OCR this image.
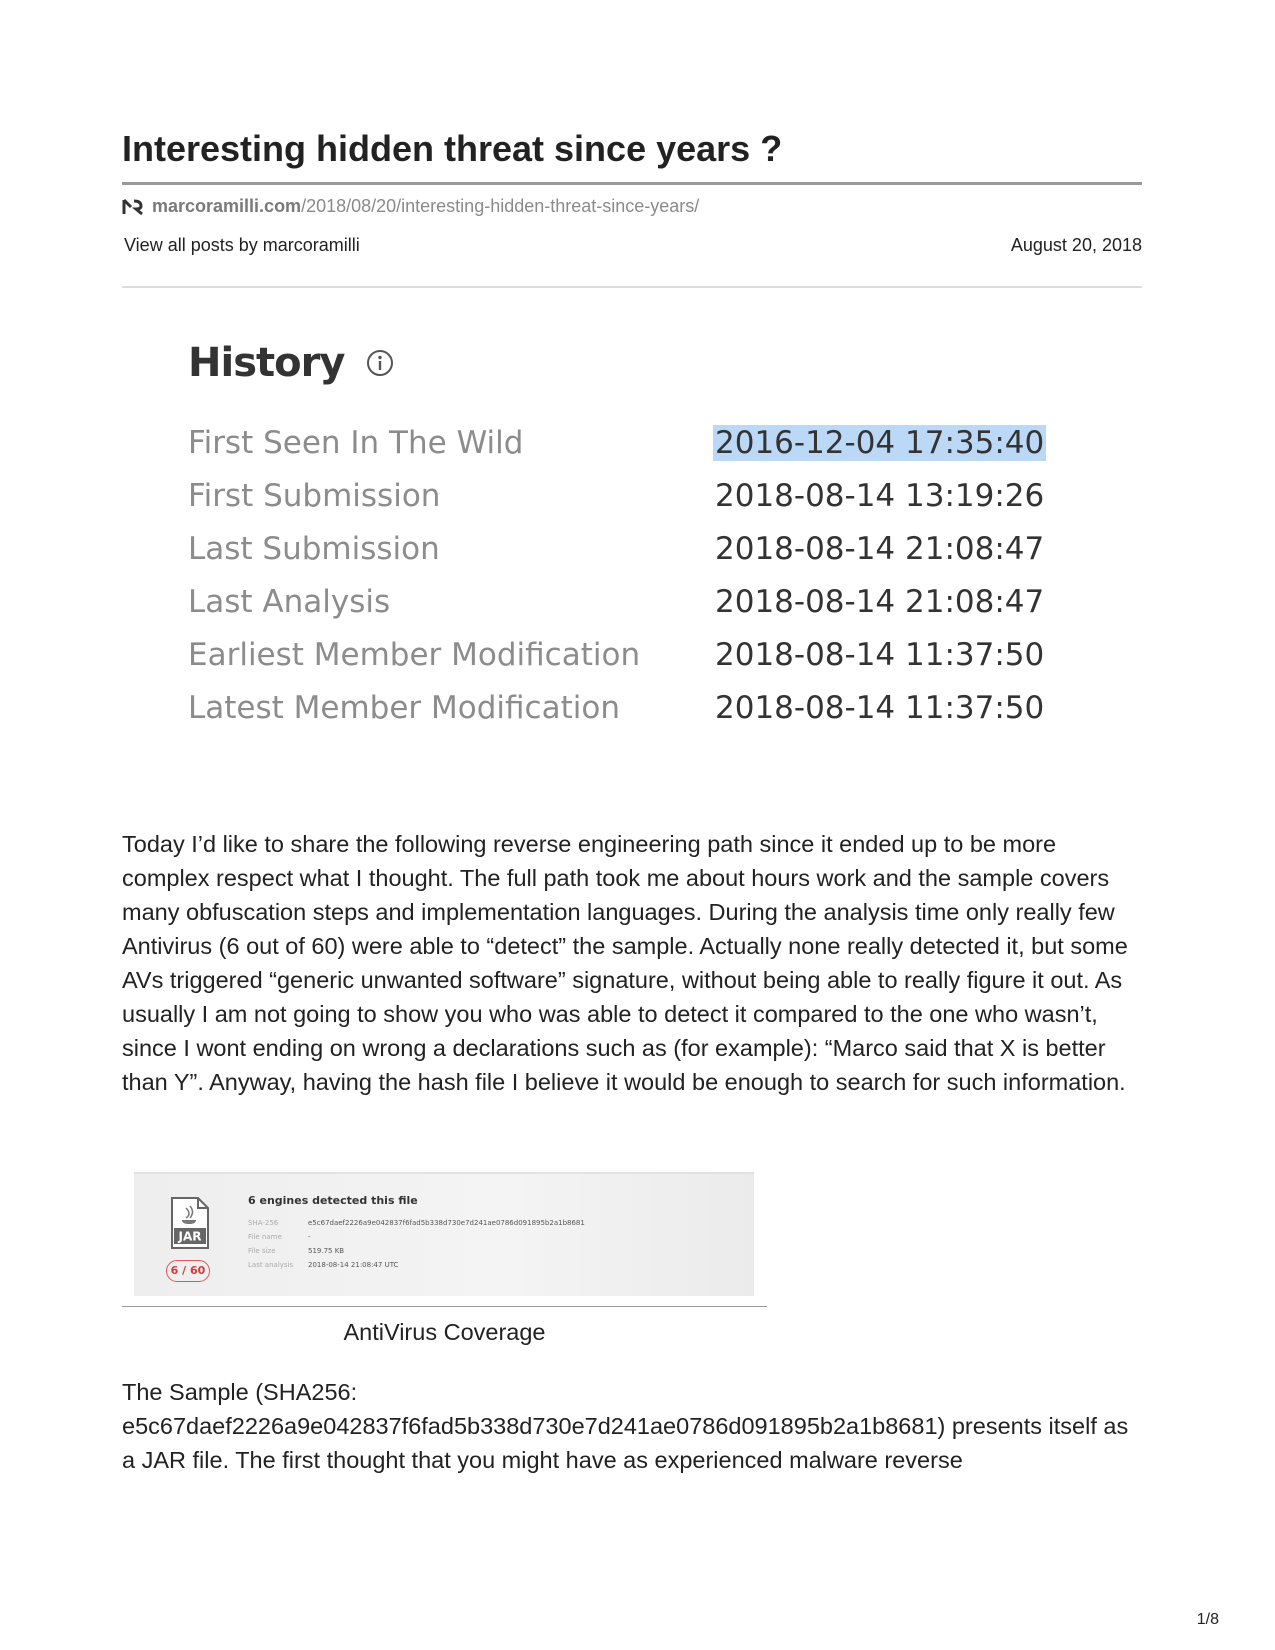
Interesting hidden threat since years ?
marcoramilli.com /2018/08/20/interesting-hidden-threat-since-years/
View all posts by marcoramilli	August 20, 2018
History
First Seen In The Wild	2016-12-04 17:35:40
First Submission	2018-08-14 13:19:26
Last Submission	2018-08-14 21:08:47
Last Analysis	2018-08-14 21:08:47
Earliest Member Modification 2018-08-14 11:37:50
Latest Member Modification	2018-08-14 11:37:50

Today I’d like to share the following reverse engineering path since it ended up to be more complex respect what I thought. The full path took me about hours work and the sample covers many obfuscation steps and implementation languages. During the analysis time only really few Antivirus (6 out of 60) were able to “detect” the sample. Actually none really detected it, but some AVs triggered “generic unwanted software” signature, without being able to really figure it out. As usually I am not going to show you who was able to detect it compared to the one who wasn’t, since I wont ending on wrong a declarations such as (for example): “Marco said that X is better than Y”. Anyway, having the hash file I believe it would be enough to search for such information.

JAR
6 / 60
6 engines detected this file
SHA-256	e5c67daef2226a9e042837f6fad5b338d730e7d241ae0786d091895b2a1b8681
File name	-
File size	519.75 KB
Last analysis 2018-08-14 21:08:47 UTC
AntiVirus Coverage

The Sample (SHA256: e5c67daef2226a9e042837f6fad5b338d730e7d241ae0786d091895b2a1b8681) presents itself as a JAR file. The first thought that you might have as experienced malware reverse

1/8
